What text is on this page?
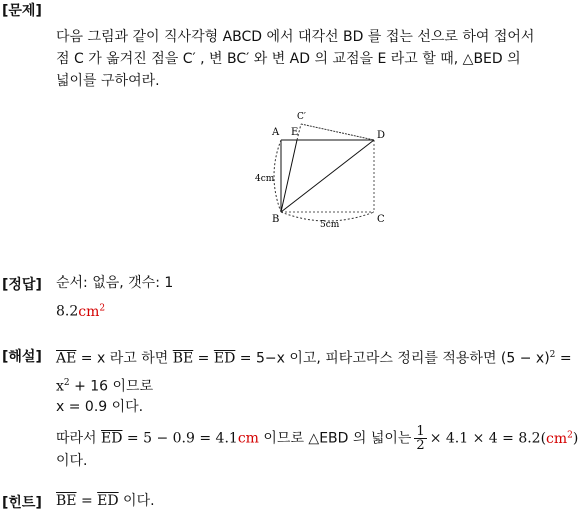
[문제]
다음 그림과 같이 직사각형 ABCD 에서 대각선 BD 를 접는 선으로 하여 접어서
점 C 가 옮겨진 점을 C′ , 변 BC′ 와 변 AD 의 교점을 E 라고 할 때, △BED 의
넓이를 구하여라.
A E
C′
D
B	C
4cm
5cm
[정답] 순서: 없음, 갯수: 1
$8.2cm^2$
[해설] $\overline{AE} = x$ 라고 하면 $\overline{BE} = \overline{ED} = 5-x$ 이고, 피타고라스 정리를 적용하면 $(5 - x)^2$ =
$x^2 + 16$ 이므로
x = 0.9 이다.
따라서 $\overline{ED} = 5 - 0.9 = 4.1cm$ 이므로 △EBD 의 넓이는 $\frac{1}{2} \times 4.1 \times 4 = 8.2(cm^2)$
이다.
[힌트] $\overline{BE} = \overline{ED}$ 이다.
